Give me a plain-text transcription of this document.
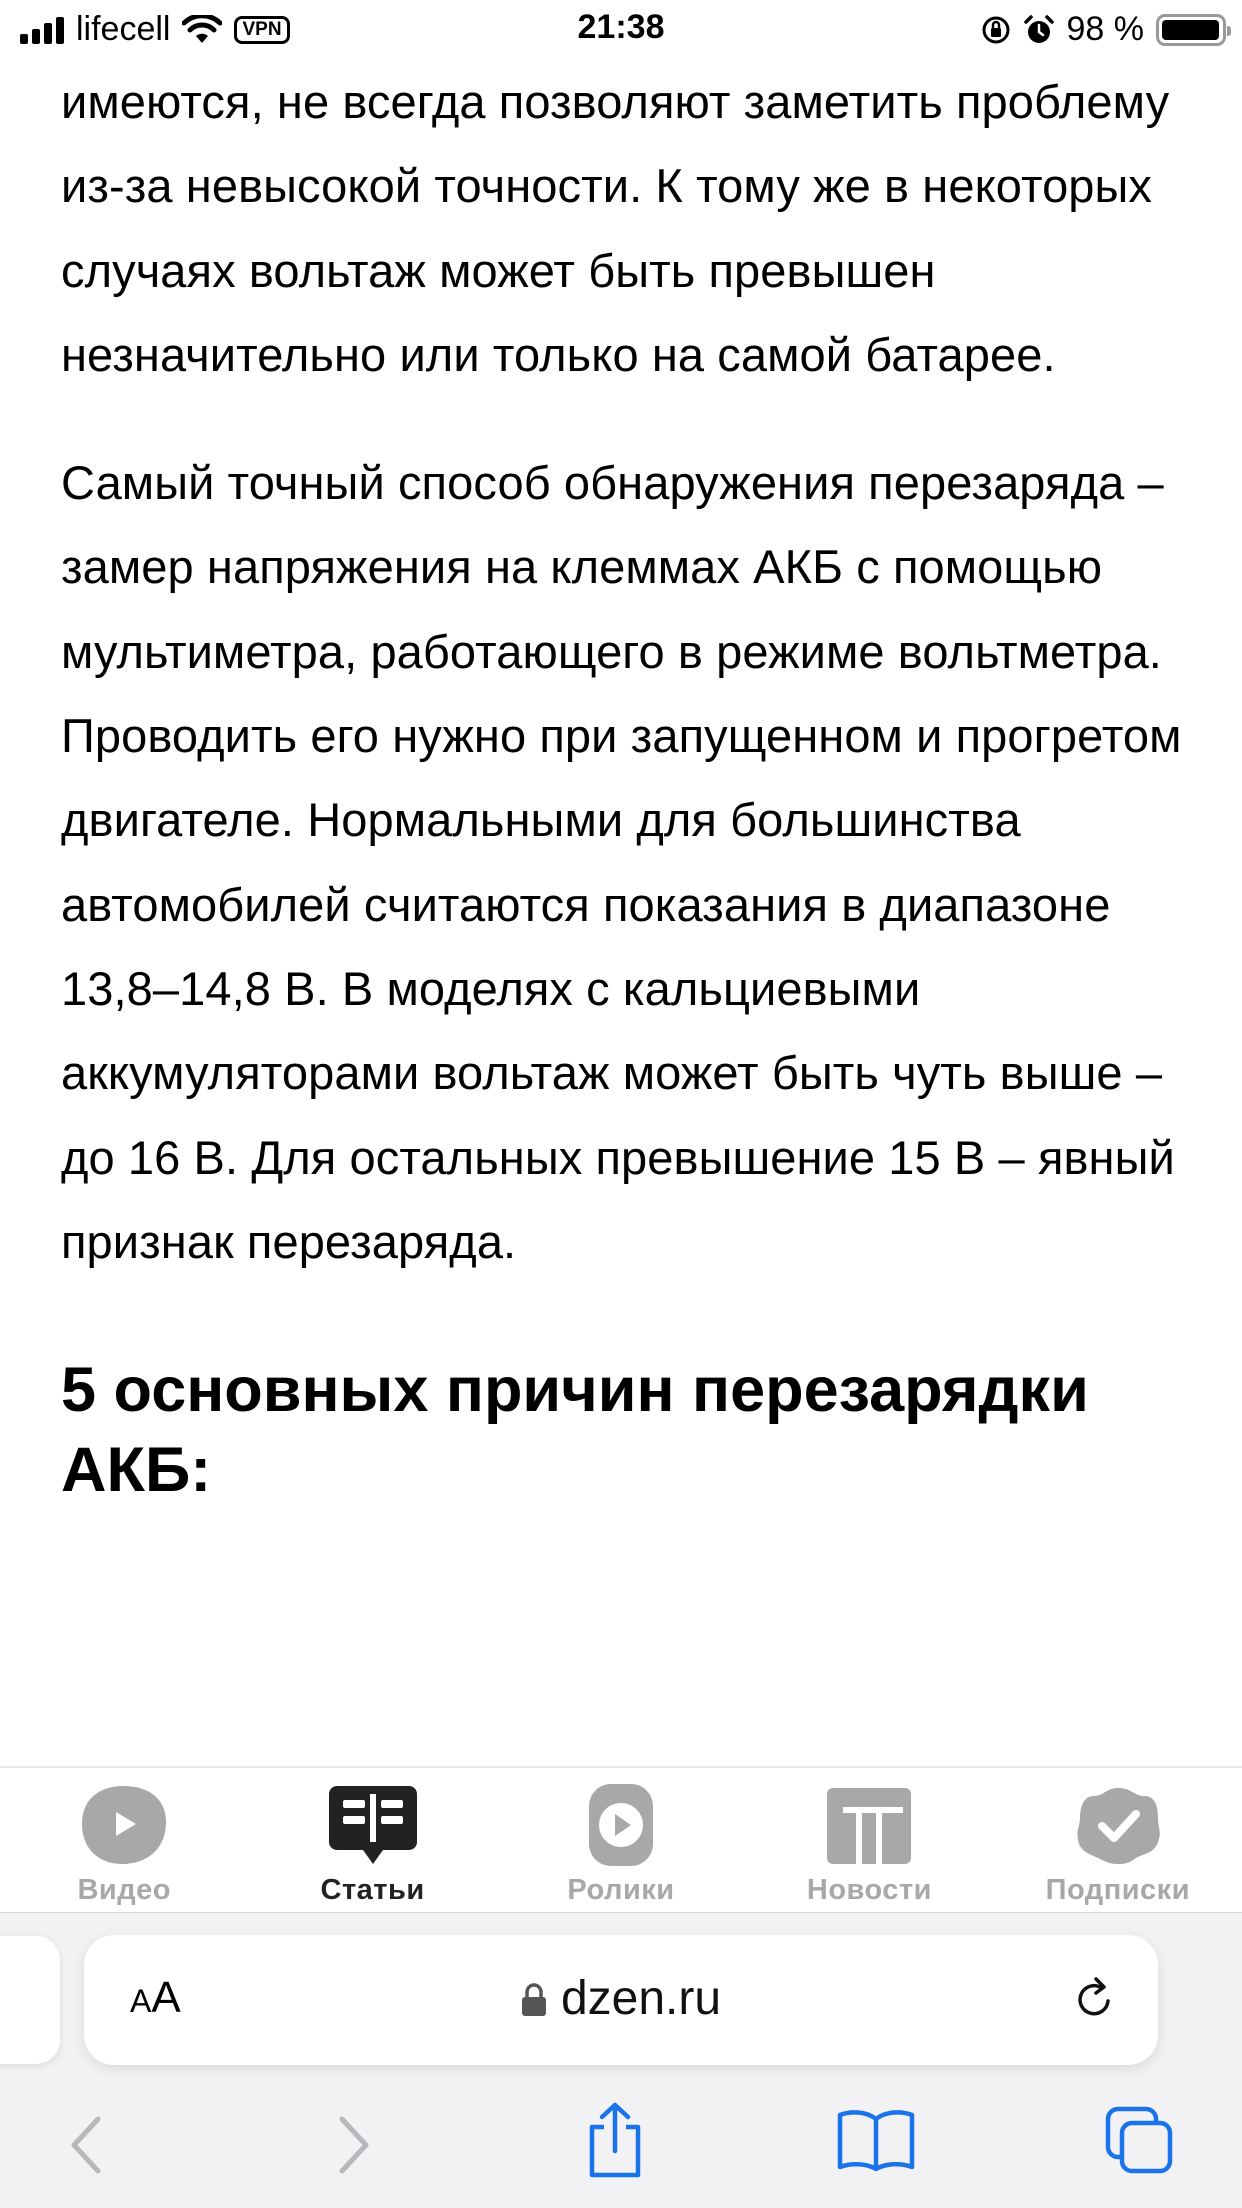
lifecell	VPN	21:38	98 %

имеются, не всегда позволяют заметить проблему из-за невысокой точности. К тому же в некоторых случаях вольтаж может быть превышен незначительно или только на самой батарее.

Самый точный способ обнаружения перезаряда – замер напряжения на клеммах АКБ с помощью мультиметра, работающего в режиме вольтметра. Проводить его нужно при запущенном и прогретом двигателе. Нормальными для большинства автомобилей считаются показания в диапазоне 13,8–14,8 В. В моделях с кальциевыми аккумуляторами вольтаж может быть чуть выше – до 16 В. Для остальных превышение 15 В – явный признак перезаряда.

5 основных причин перезарядки АКБ:
Видео	Статьи	Ролики	Новости	Подписки
AA	dzen.ru
